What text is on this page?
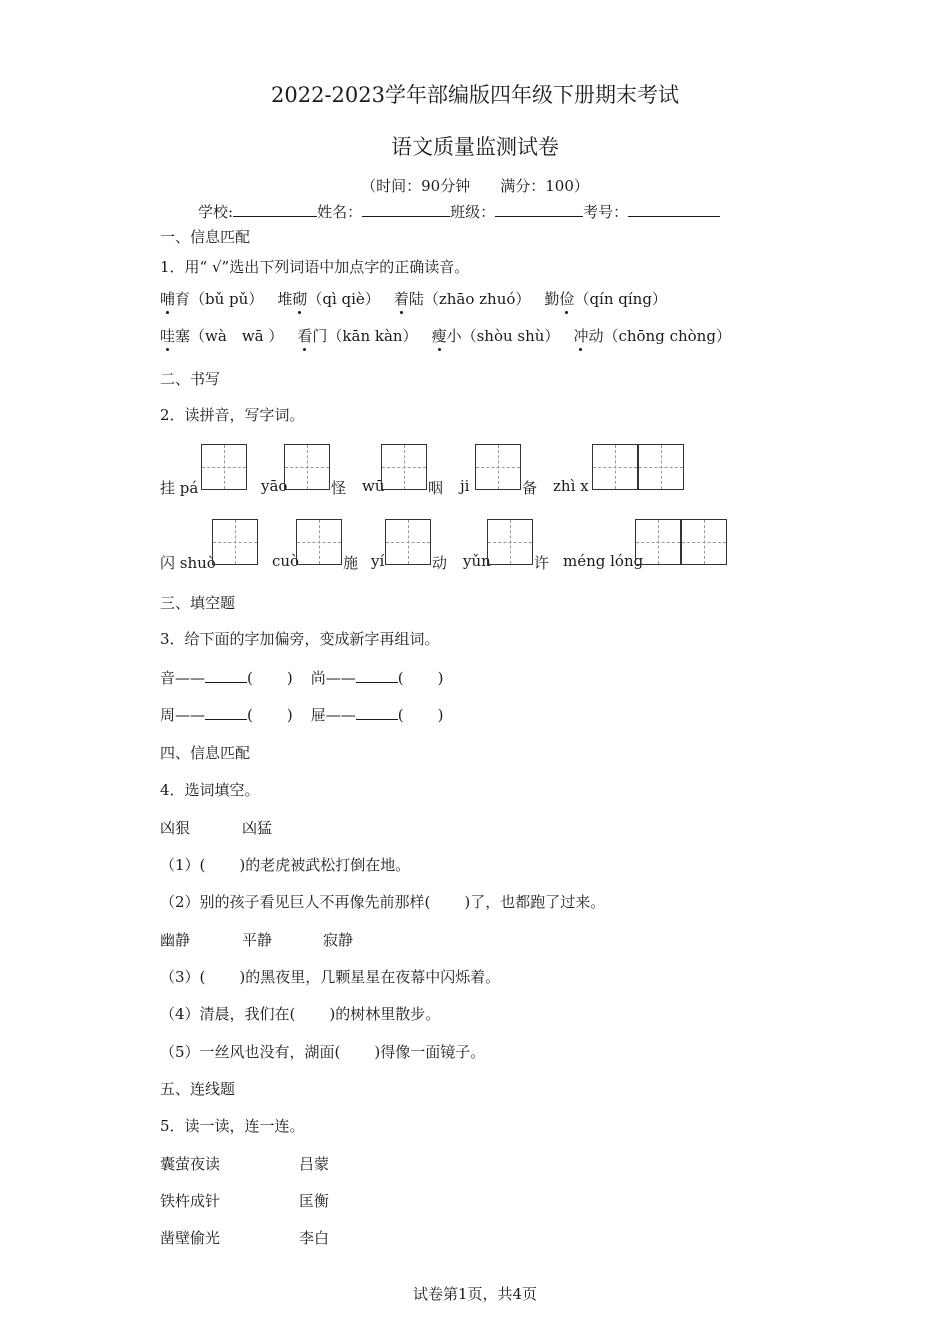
2022-2023学年部编版四年级下册期末考试
语文质量监测试卷
（时间：90分钟　　满分：100）
学校:	姓名：	班级：	考号：
一、信息匹配
1．用“ √”选出下列词语中加点字的正确读音。
哺育（bǔ pǔ） 堆砌（qì qiè） 着陆（zhāo zhuó） 勤俭（qín qíng）
哇塞（wà　wā ） 看门（kān kàn） 瘦小（shòu shù） 冲动（chōng chòng）
二、书写
2．读拼音，写字词。
挂 pá	yāo	怪 wū	咽 ji	备 zhì x
闪 shuò	cuò	施 yí	动 yǔn	许 méng lóng
三、填空题
3．给下面的字加偏旁，变成新字再组词。
音——	( ) 尚——	( )
周——	( ) 屉——	( )
四、信息匹配
4．选词填空。
凶狠	凶猛
（1）( )的老虎被武松打倒在地。
（2）别的孩子看见巨人不再像先前那样( )了，也都跑了过来。
幽静	平静	寂静
（3）( )的黑夜里，几颗星星在夜幕中闪烁着。
（4）清晨，我们在( )的树林里散步。
（5）一丝风也没有，湖面( )得像一面镜子。
五、连线题
5．读一读，连一连。
囊萤夜读	吕蒙
铁杵成针	匡衡
凿壁偷光	李白
试卷第1页，共4页
